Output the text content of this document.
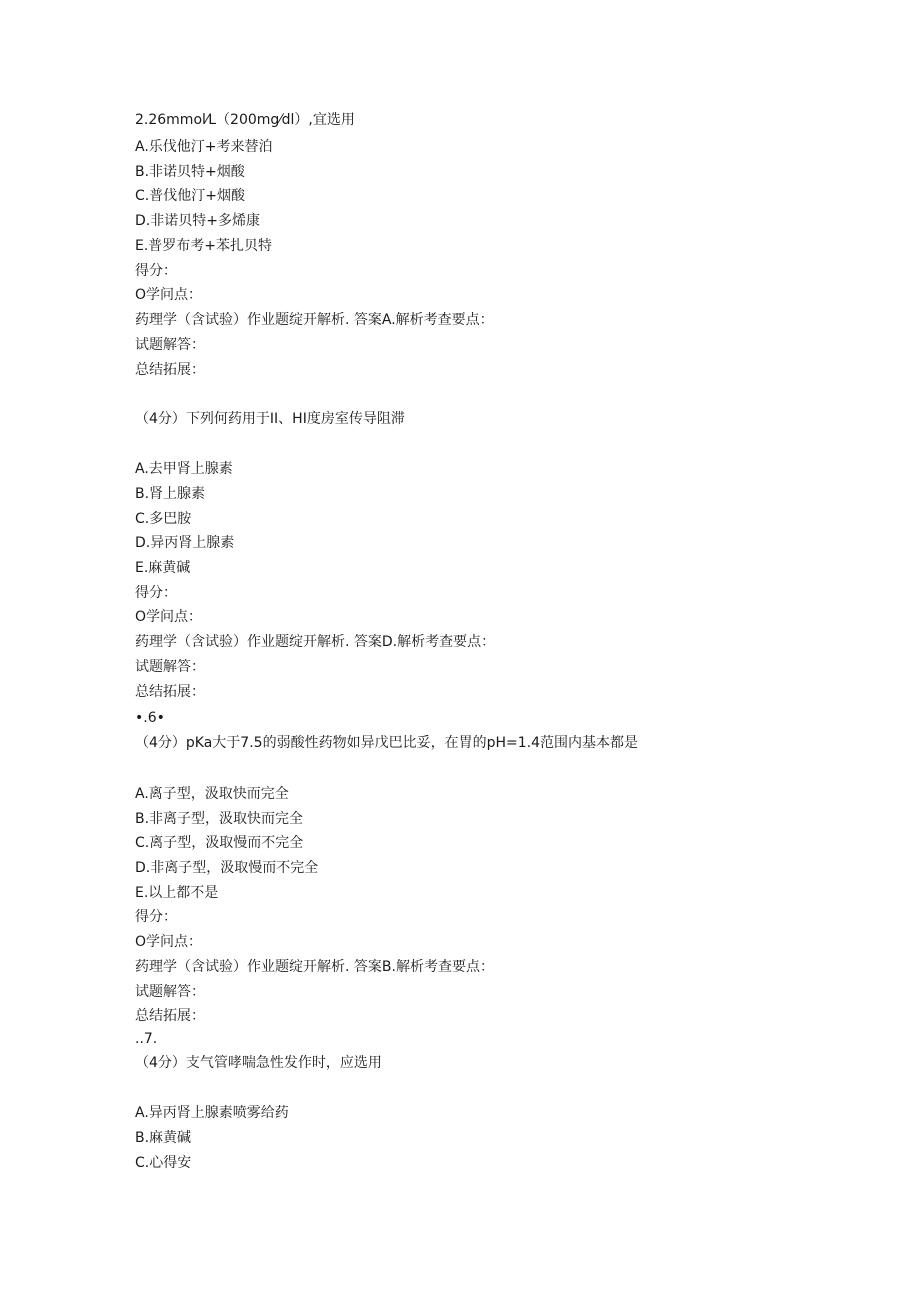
2.26mmol⁄L（200mg⁄dl）,宜选用

A.乐伐他汀+考来替泊

B.非诺贝特+烟酸

C.普伐他汀+烟酸

D.非诺贝特+多烯康

E.普罗布考+苯扎贝特

得分：

O学问点：

药理学（含试验）作业题绽开解析. 答案A.解析考查要点：

试题解答：

总结拓展：

（4分）下列何药用于II、HI度房室传导阻滞

A.去甲肾上腺素

B.肾上腺素

C.多巴胺

D.异丙肾上腺素

E.麻黄碱

得分：

O学问点：

药理学（含试验）作业题绽开解析. 答案D.解析考查要点：

试题解答：

总结拓展：

•.6•

（4分）pKa大于7.5的弱酸性药物如异戊巴比妥，在胃的pH=1.4范围内基本都是

A.离子型，汲取快而完全

B.非离子型，汲取快而完全

C.离子型，汲取慢而不完全

D.非离子型，汲取慢而不完全

E.以上都不是

得分：

O学问点：

药理学（含试验）作业题绽开解析. 答案B.解析考查要点：

试题解答：

总结拓展：

..7.

（4分）支气管哮喘急性发作时，应选用

A.异丙肾上腺素喷雾给药

B.麻黄碱

C.心得安
